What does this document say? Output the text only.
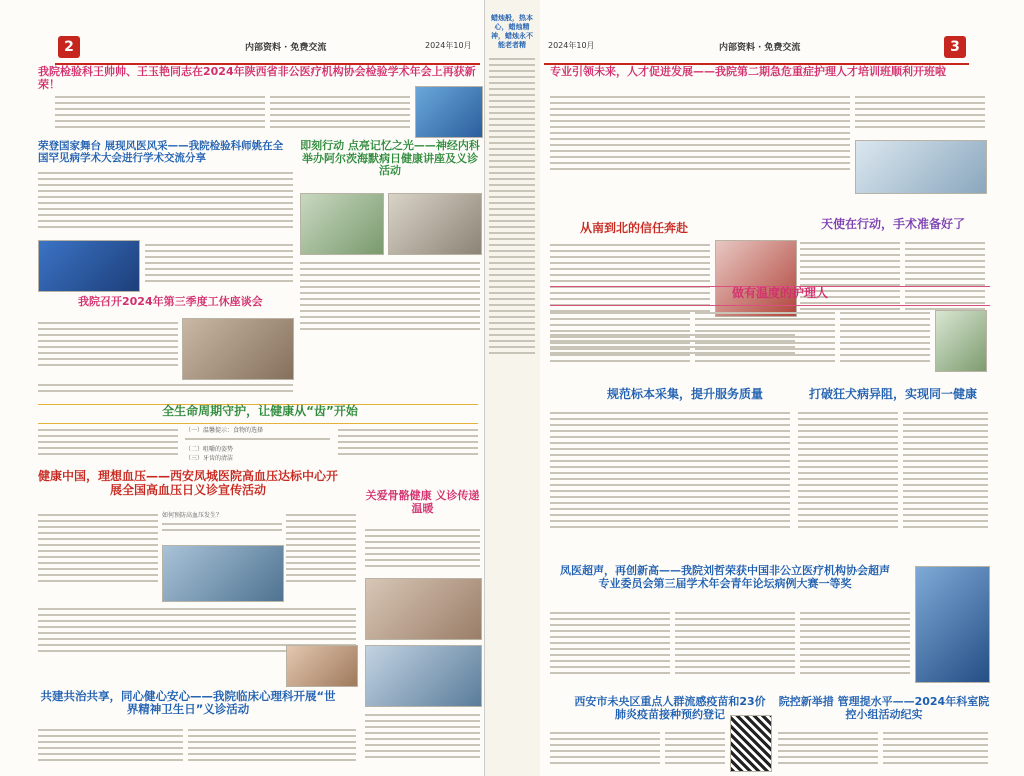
2	内部资料 · 免费交流	2024年10月
我院检验科王帅帅、王玉艳同志在2024年陕西省非公医疗机构协会检验学术年会上再获新荣！
荣登国家舞台 展现风医风采——我院检验科师姚在全国罕见病学术大会进行学术交流分享
即刻行动 点亮记忆之光——神经内科举办阿尔茨海默病日健康讲座及义诊活动
我院召开2024年第三季度工休座谈会
全生命周期守护，让健康从“齿”开始
（一）温馨提示：食物的选择
（二）咀嚼的姿势
（三）牙齿的清洁
健康中国，理想血压——西安凤城医院高血压达标中心开展全国高血压日义诊宣传活动
如何预防高血压发生？
关爱骨骼健康 义诊传递温暖
共建共治共享，同心健心安心——我院临床心理科开展“世界精神卫生日”义诊活动
蜡烛般，热本心，蜡烛精神，蜡烛永不能老者精	2024年10月	内部资料 · 免费交流	3
专业引领未来，人才促进发展——我院第二期急危重症护理人才培训班顺利开班啦
从南到北的信任奔赴	天使在行动，手术准备好了
做有温度的护理人
规范标本采集，提升服务质量	打破狂犬病异阻，实现同一健康
凤医超声，再创新高——我院刘哲荣获中国非公立医疗机构协会超声专业委员会第三届学术年会青年论坛病例大赛一等奖
西安市未央区重点人群流感疫苗和23价肺炎疫苗接种预约登记
院控新举措 管理提水平——2024年科室院控小组活动纪实
